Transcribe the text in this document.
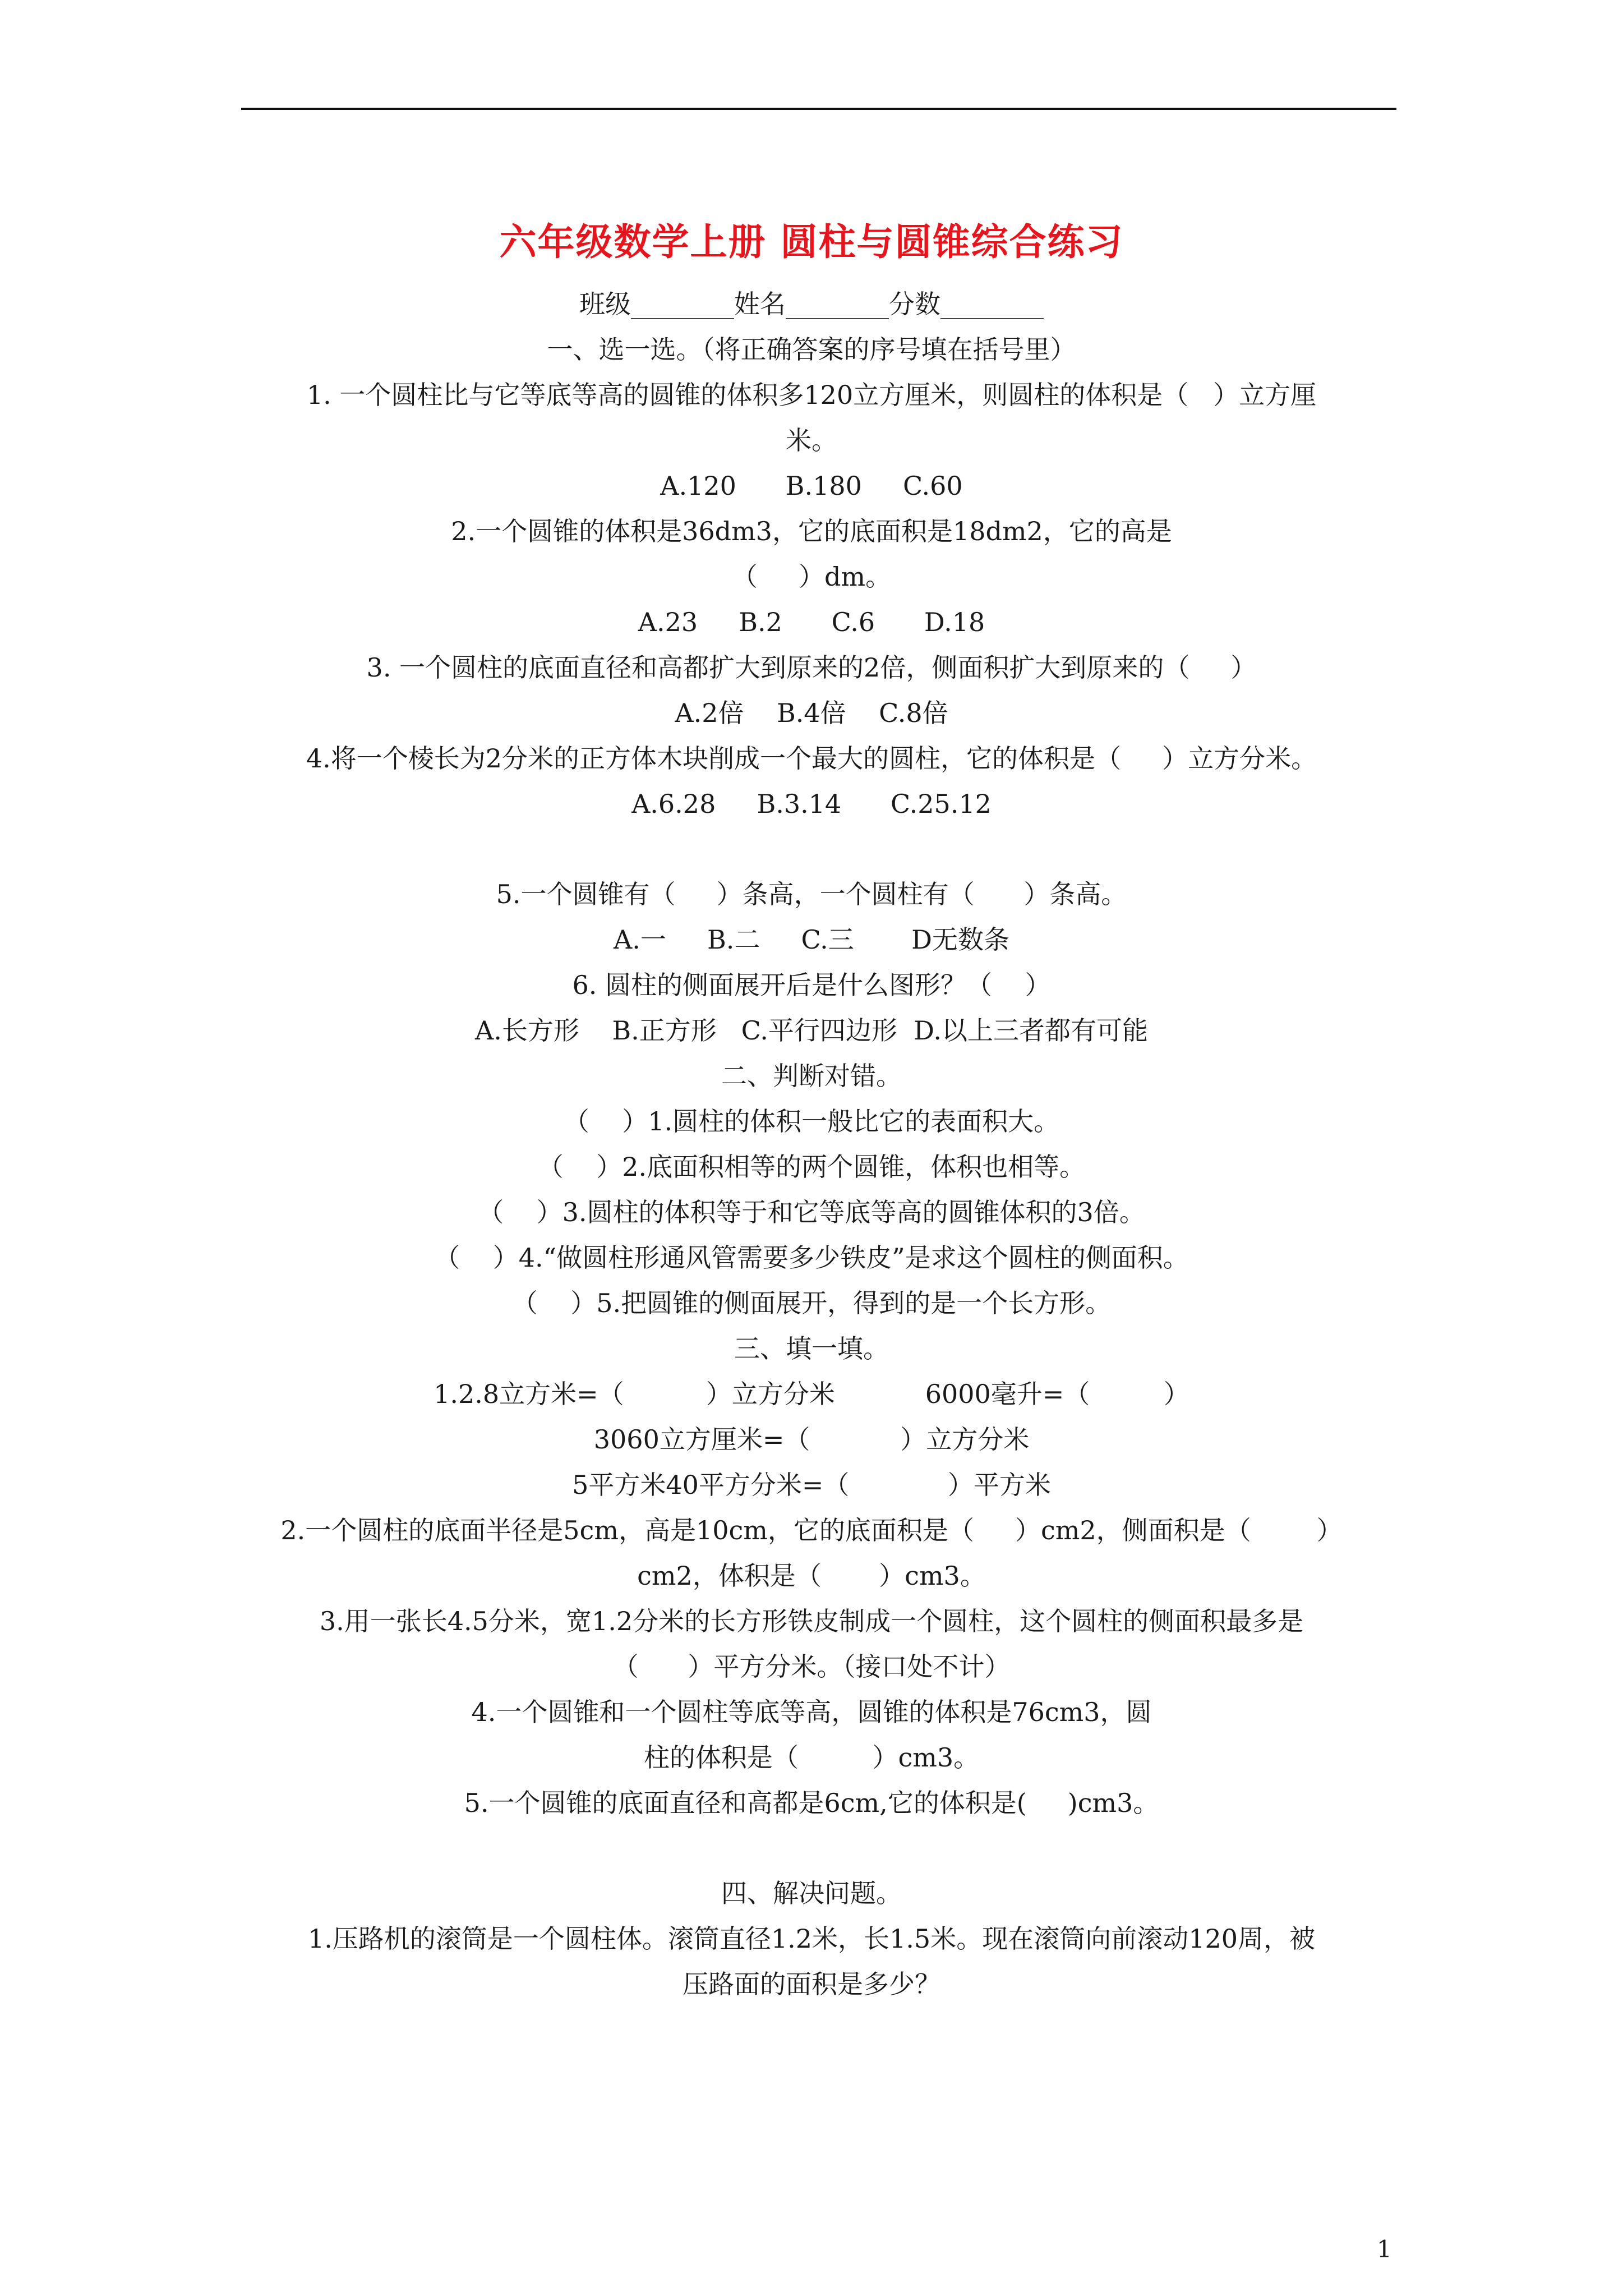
六年级数学上册 圆柱与圆锥综合练习
班级________姓名________分数________
一、选一选。（将正确答案的序号填在括号里）
1. 一个圆柱比与它等底等高的圆锥的体积多120立方厘米，则圆柱的体积是（   ）立方厘
米。
A.120      B.180     C.60
2.一个圆锥的体积是36dm3，它的底面积是18dm2，它的高是
（     ）dm。
A.23     B.2      C.6      D.18
3. 一个圆柱的底面直径和高都扩大到原来的2倍，侧面积扩大到原来的（     ）
A.2倍    B.4倍    C.8倍
4.将一个棱长为2分米的正方体木块削成一个最大的圆柱，它的体积是（     ）立方分米。
A.6.28     B.3.14      C.25.12
5.一个圆锥有（     ）条高，一个圆柱有（      ）条高。
A.一     B.二     C.三       D无数条
6. 圆柱的侧面展开后是什么图形？（    ）
A.长方形    B.正方形   C.平行四边形  D.以上三者都有可能
二、判断对错。
（    ）1.圆柱的体积一般比它的表面积大。
（    ）2.底面积相等的两个圆锥，体积也相等。
（    ）3.圆柱的体积等于和它等底等高的圆锥体积的3倍。
（    ）4.“做圆柱形通风管需要多少铁皮”是求这个圆柱的侧面积。
（    ）5.把圆锥的侧面展开，得到的是一个长方形。
三、填一填。
1.2.8立方米=（          ）立方分米           6000毫升=（         ）
3060立方厘米=（           ）立方分米
5平方米40平方分米=（            ）平方米
2.一个圆柱的底面半径是5cm，高是10cm，它的底面积是（     ）cm2，侧面积是（        ）
cm2，体积是（       ）cm3。
3.用一张长4.5分米，宽1.2分米的长方形铁皮制成一个圆柱，这个圆柱的侧面积最多是
（      ）平方分米。（接口处不计）
4.一个圆锥和一个圆柱等底等高，圆锥的体积是76cm3，圆
柱的体积是（         ）cm3。
5.一个圆锥的底面直径和高都是6cm,它的体积是(     )cm3。
四、解决问题。
1.压路机的滚筒是一个圆柱体。滚筒直径1.2米，长1.5米。现在滚筒向前滚动120周，被
压路面的面积是多少？
1
